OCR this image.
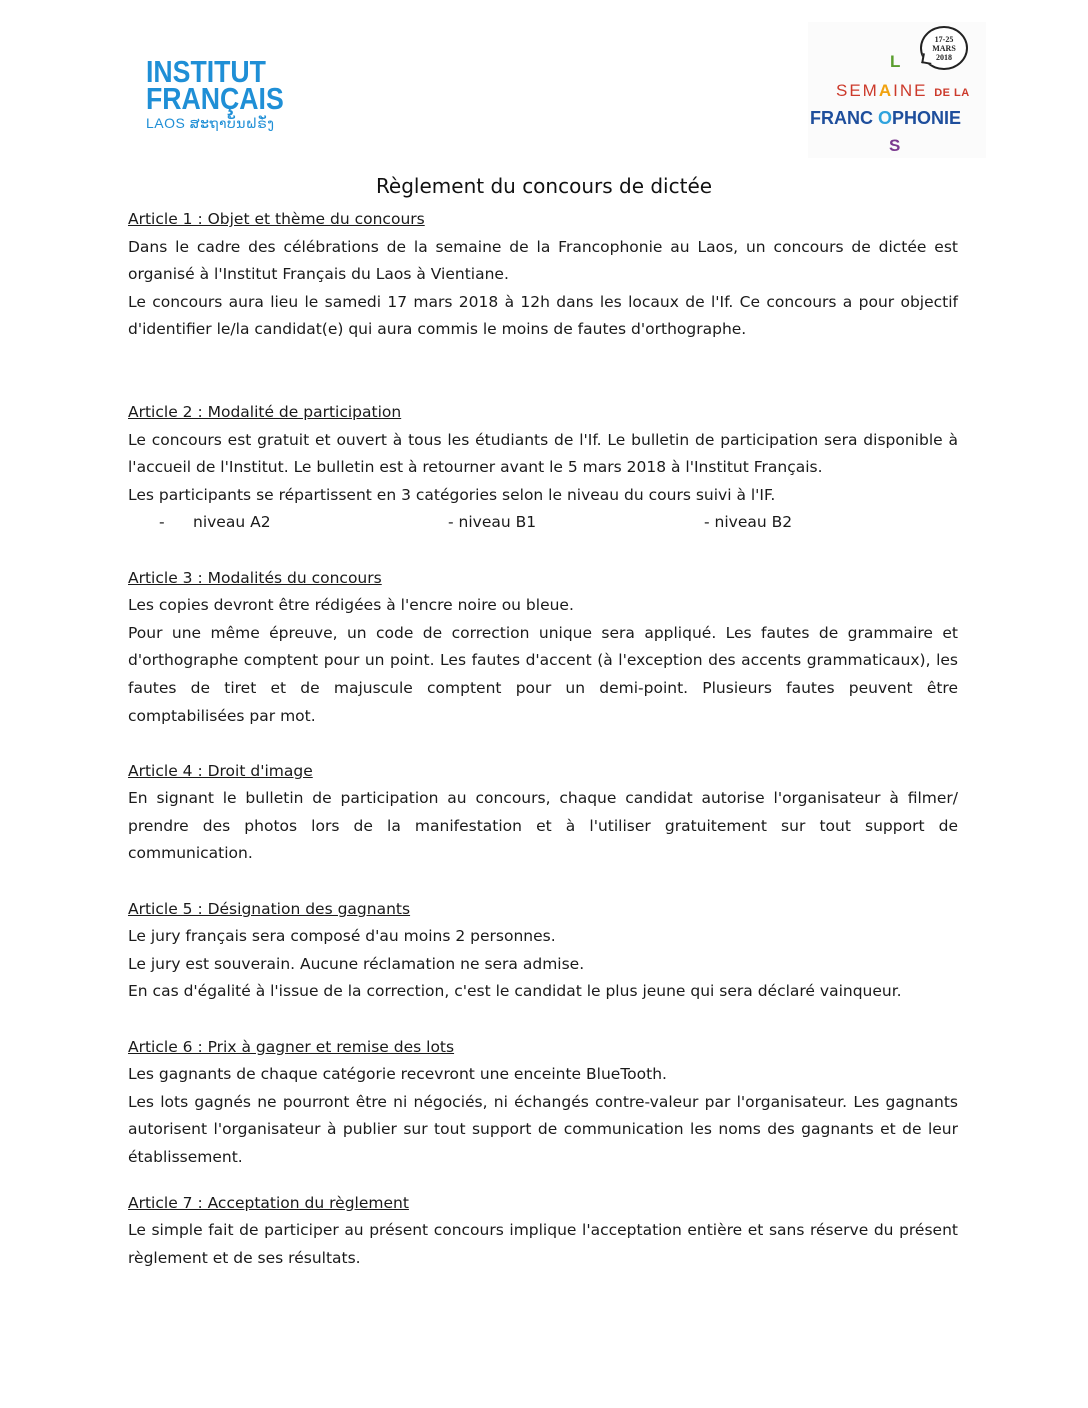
INSTITUT
FRANÇAIS
LAOS ສະຖາບັນຝຣັ່ງ
17-25
MARS
2018
L
SEMAINE DE LA
FRANC OPHONIE
S
Règlement du concours de dictée

Article 1 : Objet et thème du concours

Dans le cadre des célébrations de la semaine de la Francophonie au Laos, un concours de dictée est organisé à l'Institut Français du Laos à Vientiane.

Le concours aura lieu le samedi 17 mars 2018 à 12h dans les locaux de l'If. Ce concours a pour objectif d'identifier le/la candidat(e) qui aura commis le moins de fautes d'orthographe.

Article 2 : Modalité de participation

Le concours est gratuit et ouvert à tous les étudiants de l'If. Le bulletin de participation sera disponible à l'accueil de l'Institut. Le bulletin est à retourner avant le 5 mars 2018 à l'Institut Français.

Les participants se répartissent en 3 catégories selon le niveau du cours suivi à l'IF.

- niveau A2	- niveau B1	- niveau B2

Article 3 : Modalités du concours

Les copies devront être rédigées à l'encre noire ou bleue.

Pour une même épreuve, un code de correction unique sera appliqué. Les fautes de grammaire et d'orthographe comptent pour un point. Les fautes d'accent (à l'exception des accents grammaticaux), les fautes de tiret et de majuscule comptent pour un demi-point. Plusieurs fautes peuvent être comptabilisées par mot.

Article 4 : Droit d'image

En signant le bulletin de participation au concours, chaque candidat autorise l'organisateur à filmer/ prendre des photos lors de la manifestation et à l'utiliser gratuitement sur tout support de communication.

Article 5 : Désignation des gagnants

Le jury français sera composé d'au moins 2 personnes.

Le jury est souverain. Aucune réclamation ne sera admise.

En cas d'égalité à l'issue de la correction, c'est le candidat le plus jeune qui sera déclaré vainqueur.

Article 6 : Prix à gagner et remise des lots

Les gagnants de chaque catégorie recevront une enceinte BlueTooth.

Les lots gagnés ne pourront être ni négociés, ni échangés contre-valeur par l'organisateur. Les gagnants autorisent l'organisateur à publier sur tout support de communication les noms des gagnants et de leur établissement.

Article 7 : Acceptation du règlement

Le simple fait de participer au présent concours implique l'acceptation entière et sans réserve du présent règlement et de ses résultats.
